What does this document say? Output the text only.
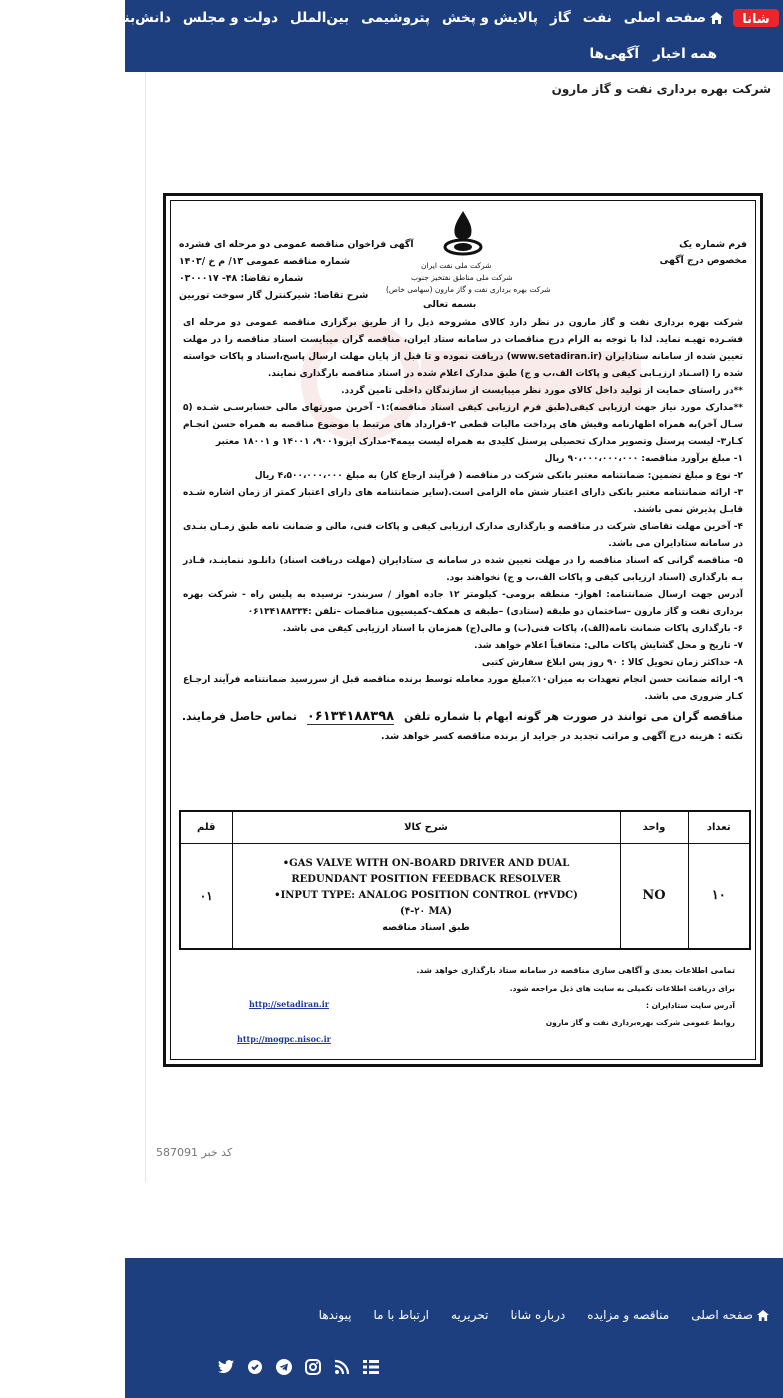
شانا
صفحه اصلی
نفت
گاز
پالایش و پخش
پتروشیمی
بین‌الملل
دولت و مجلس
دانش‌بنیان
عکس
فیلم
همه اخبار
آگهی‌ها
شرکت بهره برداری نفت و گاز مارون
فرم شماره یک
مخصوص درج آگهی
شرکت ملی نفت ایران
شرکت ملی مناطق نفتخیز جنوب
شرکت بهره برداری نفت و گاز مارون (سهامی خاص)
بسمه تعالی
آگهی فراخوان مناقصه عمومی دو مرحله ای فشرده
شماره مناقصه عمومی ۱۳/ م خ /۱۴۰۳
شماره تقاضا: ۴۸- ۰۳۰۰۰۱۷
شرح تقاضا: شیرکنترل گاز سوخت توربین
شرکت بهره برداری نفت و گاز مارون در نظر دارد کالای مشروحه ذیل را از طریق برگزاری مناقصه عمومی دو مرحله ای فشـرده تهیـه نماید. لذا با توجه به الزام درج مناقصات در سامانه ستاد ایران، مناقصه گران میبایست اسناد مناقصه را در مهلت تعیین شده از سامانه ستادایران (www.setadiran.ir) دریافت نموده و تا قبل از پایان مهلت ارسال پاسخ،اسناد و پاکات خواسته شده را (اسـناد ارزیـابی کیفی و پاکات الف،ب و ج) طبق مدارک اعلام شده در اسناد مناقصه بارگذاری نمایند.
**در راستای حمایت از تولید داخل کالای مورد نظر میبایست از سازندگان داخلی تامین گردد.
**مدارک مورد نیاز جهت ارزیابی کیفی(طبق فرم ارزیابی کیفی اسناد مناقصه):۱- آخرین صورتهای مالی حسابرسـی شـده (۵ سـال آخر)به همراه اظهارنامه وفیش های پرداخت مالیات قطعی ۲-قرارداد های مرتبط با موضوع مناقصه به همراه حسن انجـام کـار۳- لیست پرسنل وتصویر مدارک تحصیلی پرسنل کلیدی به همراه لیست بیمه۴-مدارک ایزو۹۰۰۱، ۱۴۰۰۱ و ۱۸۰۰۱ معتبر
۱- مبلغ برآورد مناقصه: ۹۰،۰۰۰،۰۰۰،۰۰۰ ریال
۲- نوع و مبلغ تضمین: ضمانتنامه معتبر بانکی شرکت در مناقصه ( فرآیند ارجاع کار) به مبلغ ۴،۵۰۰،۰۰۰،۰۰۰ ریال
۳- ارائه ضمانتنامه معتبر بانکی دارای اعتبار شش ماه الزامی است.(سایر ضمانتنامه های دارای اعتبار کمتر از زمان اشاره شـده قابـل پذیرش نمی باشند.
۴- آخرین مهلت تقاضای شرکت در مناقصه و بارگذاری مدارک ارزیابی کیفی و پاکات فنی، مالی و ضمانت نامه طبق زمـان بنـدی در سامانه ستادایران می باشد.
۵- مناقصه گرانی که اسناد مناقصه را در مهلت تعیین شده در سامانه ی ستادایران (مهلت دریافت اسناد) دانلـود ننماینـد، قـادر بـه بارگذاری (اسناد ارزیابی کیفی و پاکات الف،ب و ج) نخواهند بود.
آدرس جهت ارسال ضمانتنامه: اهواز- منطقه برومی- کیلومتر ۱۲ جاده اهواز / سربندر- نرسیده به پلیس راه - شرکت بهره برداری نفت و گاز مارون –ساختمان دو طبقه (ستادی) –طبقه ی همکف-کمیسیون مناقصات –تلفن :۰۶۱۳۴۱۸۸۳۳۴
۶- بارگذاری پاکات ضمانت نامه(الف)، پاکات فنی(ب) و مالی(ج) همزمان با اسناد ارزیابی کیفی می باشد.
۷- تاریخ و محل گشایش پاکات مالی: متعاقباً اعلام خواهد شد.
۸- حداکثر زمان تحویل کالا : ۹۰ روز پس ابلاغ سفارش کتبی
۹- ارائه ضمانت حسن انجام تعهدات به میزان۱۰٪مبلغ مورد معامله توسط برنده مناقصه قبل از سررسید ضمانتنامه فرآیند ارجـاع کـار ضروری می باشد.
مناقصه گران می توانند در صورت هر گونه ابهام با شماره تلفن ۰۶۱۳۴۱۸۸۳۹۸ تماس حاصل فرمایند.
نکته : هزینه درج آگهی و مراتب تجدید در جراید از برنده مناقصه کسر خواهد شد.
تعداد	واحد	شرح کالا	قلم
۱۰	NO	•GAS VALVE WITH ON-BOARD DRIVER AND DUAL
REDUNDANT POSITION FEEDBACK RESOLVER
•INPUT TYPE: ANALOG POSITION CONTROL (۲۴VDC)
(۴-۲۰ MA)
طبق اسناد مناقصه	۰۱
تمامی اطلاعات بعدی و آگاهی سازی مناقصه در سامانه ستاد بارگذاری خواهد شد.
برای دریافت اطلاعات تکمیلی به سایت های ذیل مراجعه شود.
آدرس سایت ستادایران :
روابط عمومی شرکت بهره‌برداری نفت و گاز مارون
http://setadiran.ir
http://mogpc.nisoc.ir
کد خبر 587091
صفحه اصلی
مناقصه و مزایده
درباره شانا
تحریریه
ارتباط با ما
پیوندها
